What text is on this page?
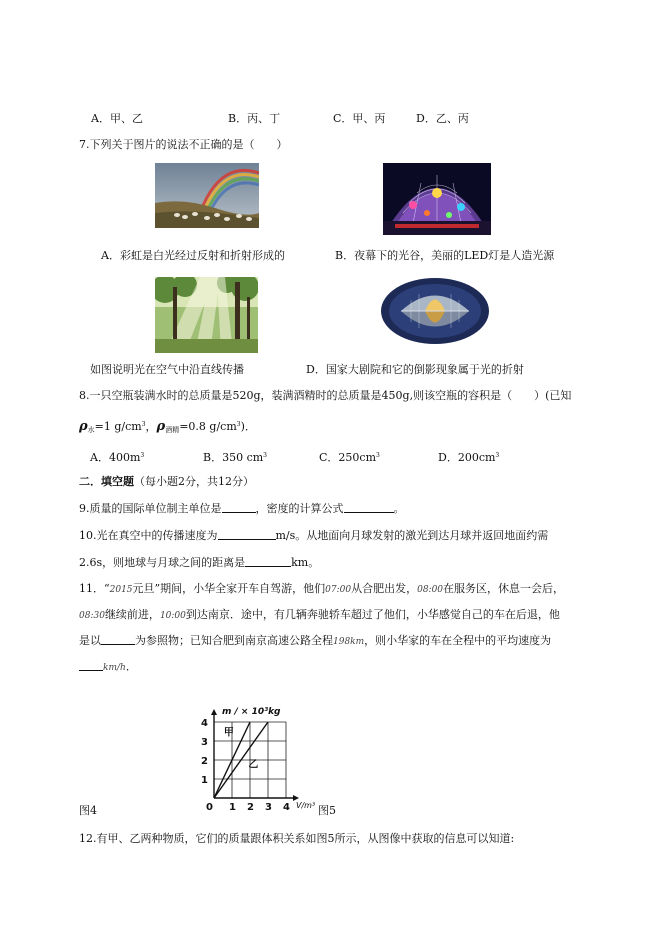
A．甲、乙	B．丙、丁	C．甲、丙	D．乙、丙
7.下列关于图片的说法不正确的是（　　）
A．彩虹是白光经过反射和折射形成的	B．夜幕下的光谷，美丽的LED灯是人造光源
如图说明光在空气中沿直线传播	D．国家大剧院和它的倒影现象属于光的折射
8.一只空瓶装满水时的总质量是520g，装满酒精时的总质量是450g,则该空瓶的容积是（　　）(已知
$\rho_水=1$ $g/cm^3$，$\rho_{酒精}=0.8$ $g/cm^3$)．
A．$400m^3$	B．350 $cm^3$	C．$250cm^3$	D．$200cm^3$
二．填空题（每小题2分，共12分）
9.质量的国际单位制主单位是	，密度的计算公式	。
10.光在真空中的传播速度为	m/s。从地面向月球发射的激光到达月球并返回地面约需
2.6s，则地球与月球之间的距离是	km。
11．“2015元旦”期间，小华全家开车自驾游，他们07:00从合肥出发，08:00在服务区，休息一会后，
08:30继续前进，10:00到达南京．途中，有几辆奔驰轿车超过了他们，小华感觉自己的车在后退，他
是以	为参照物；已知合肥到南京高速公路全程198km，则小华家的车在全程中的平均速度为
km/h．
图4
m / × 10³kg
V/m³
0
4
3
2
1
1 2 3 4
甲
乙
图5
12.有甲、乙两种物质，它们的质量跟体积关系如图5所示，从图像中获取的信息可以知道:
